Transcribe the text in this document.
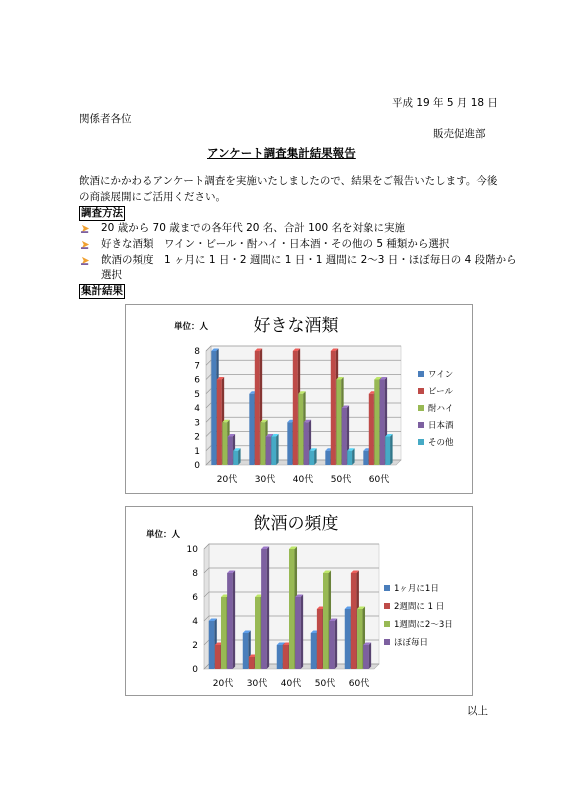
平成 19 年 5 月 18 日
関係者各位
販売促進部
アンケート調査集計結果報告
飲酒にかかわるアンケート調査を実施いたしましたので、結果をご報告いたします。今後
の商談展開にご活用ください。
調査方法
20 歳から 70 歳までの各年代 20 名、合計 100 名を対象に実施
好きな酒類　ワイン・ビール・酎ハイ・日本酒・その他の 5 種類から選択
飲酒の頻度　1 ヶ月に 1 日・2 週間に 1 日・1 週間に 2～3 日・ほぼ毎日の 4 段階から
選択
集計結果
好きな酒類
単位：人
0
1
2
3
4
5
6
7
8
20代 30代 40代 50代 60代
ワイン
ビール
酎ハイ
日本酒
その他
飲酒の頻度
単位：人
0
2
4
6
8
10
20代 30代 40代 50代 60代
1ヶ月に1日
2週間に 1 日
1週間に2～3日
ほぼ毎日
以上
